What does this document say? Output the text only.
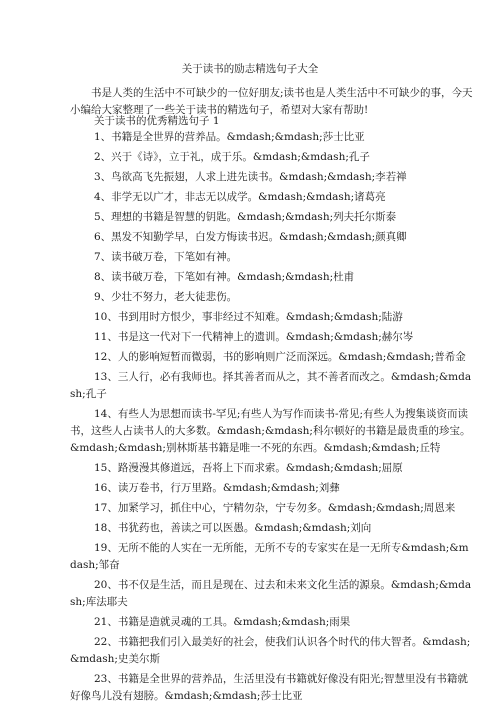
关于读书的励志精选句子大全
书是人类的生活中不可缺少的一位好朋友;读书也是人类生活中不可缺少的事，今天小编给大家整理了一些关于读书的精选句子，希望对大家有帮助!
关于读书的优秀精选句子 1
1、书籍是全世界的营养品。&mdash;&mdash;莎士比亚
2、兴于《诗》，立于礼，成于乐。&mdash;&mdash;孔子
3、鸟欲高飞先振翅，人求上进先读书。&mdash;&mdash;李若禅
4、非学无以广才，非志无以成学。&mdash;&mdash;诸葛亮
5、理想的书籍是智慧的钥匙。&mdash;&mdash;列夫托尔斯泰
6、黑发不知勤学早，白发方悔读书迟。&mdash;&mdash;颜真卿
7、读书破万卷，下笔如有神。
8、读书破万卷，下笔如有神。&mdash;&mdash;杜甫
9、少壮不努力，老大徒悲伤。
10、书到用时方恨少，事非经过不知难。&mdash;&mdash;陆游
11、书是这一代对下一代精神上的遗训。&mdash;&mdash;赫尔岑
12、人的影响短暂而微弱，书的影响则广泛而深远。&mdash;&mdash;普希金
13、三人行，必有我师也。择其善者而从之，其不善者而改之。&mdash;&mdash;孔子
14、有些人为思想而读书-罕见;有些人为写作而读书-常见;有些人为搜集谈资而读书，这些人占读书人的大多数。&mdash;&mdash;科尔顿好的书籍是最贵重的珍宝。&mdash;&mdash;别林斯基书籍是唯一不死的东西。&mdash;&mdash;丘特
15、路漫漫其修道远，吾将上下而求索。&mdash;&mdash;屈原
16、读万卷书，行万里路。&mdash;&mdash;刘彝
17、加紧学习，抓住中心，宁精勿杂，宁专勿多。&mdash;&mdash;周恩来
18、书犹药也，善读之可以医愚。&mdash;&mdash;刘向
19、无所不能的人实在一无所能，无所不专的专家实在是一无所专&mdash;&mdash;邹奋
20、书不仅是生活，而且是现在、过去和未来文化生活的源泉。&mdash;&mdash;库法耶夫
21、书籍是造就灵魂的工具。&mdash;&mdash;雨果
22、书籍把我们引入最美好的社会，使我们认识各个时代的伟大智者。&mdash;&mdash;史美尔斯
23、书籍是全世界的营养品，生活里没有书籍就好像没有阳光;智慧里没有书籍就好像鸟儿没有翅膀。&mdash;&mdash;莎士比亚
